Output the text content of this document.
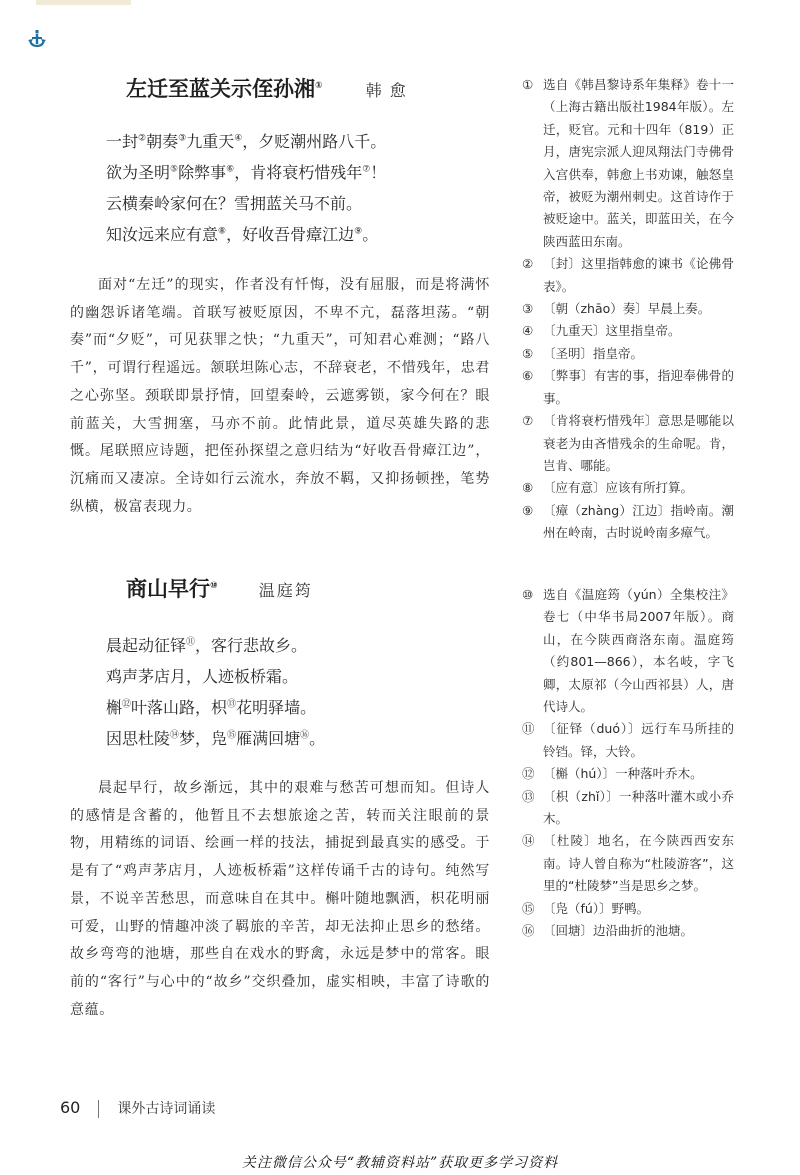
左迁至蓝关示侄孙湘①	韩愈
一封②朝奏③九重天④，夕贬潮州路八千。
欲为圣明⑤除弊事⑥，肯将衰朽惜残年⑦！
云横秦岭家何在？雪拥蓝关马不前。
知汝远来应有意⑧，好收吾骨瘴江边⑨。
面对“左迁”的现实，作者没有忏悔，没有屈服，而是将满怀的幽怨诉诸笔端。首联写被贬原因，不卑不亢，磊落坦荡。“朝奏”而“夕贬”，可见获罪之快；“九重天”，可知君心难测；“路八千”，可谓行程遥远。颔联坦陈心志，不辞衰老，不惜残年，忠君之心弥坚。颈联即景抒情，回望秦岭，云遮雾锁，家今何在？眼前蓝关，大雪拥塞，马亦不前。此情此景，道尽英雄失路的悲慨。尾联照应诗题，把侄孙探望之意归结为“好收吾骨瘴江边”，沉痛而又凄凉。全诗如行云流水，奔放不羁，又抑扬顿挫，笔势纵横，极富表现力。
商山早行⑩	温庭筠
晨起动征铎⑪，客行悲故乡。
鸡声茅店月，人迹板桥霜。
槲⑫叶落山路，枳⑬花明驿墙。
因思杜陵⑭梦，凫⑮雁满回塘⑯。
晨起早行，故乡渐远，其中的艰难与愁苦可想而知。但诗人的感情是含蓄的，他暂且不去想旅途之苦，转而关注眼前的景物，用精练的词语、绘画一样的技法，捕捉到最真实的感受。于是有了“鸡声茅店月，人迹板桥霜”这样传诵千古的诗句。纯然写景，不说辛苦愁思，而意味自在其中。槲叶随地飘洒，枳花明丽可爱，山野的情趣冲淡了羁旅的辛苦，却无法抑止思乡的愁绪。故乡弯弯的池塘，那些自在戏水的野禽，永远是梦中的常客。眼前的“客行”与心中的“故乡”交织叠加，虚实相映，丰富了诗歌的意蕴。
① 选自《韩昌黎诗系年集释》卷十一（上海古籍出版社1984年版）。左迁，贬官。元和十四年（819）正月，唐宪宗派人迎凤翔法门寺佛骨入宫供奉，韩愈上书劝谏，触怒皇帝，被贬为潮州刺史。这首诗作于被贬途中。蓝关，即蓝田关，在今陕西蓝田东南。
② 〔封〕这里指韩愈的谏书《论佛骨表》。
③ 〔朝（zhāo）奏〕早晨上奏。
④ 〔九重天〕这里指皇帝。
⑤ 〔圣明〕指皇帝。
⑥ 〔弊事〕有害的事，指迎奉佛骨的事。
⑦ 〔肯将衰朽惜残年〕意思是哪能以衰老为由吝惜残余的生命呢。肯，岂肯、哪能。
⑧ 〔应有意〕应该有所打算。
⑨ 〔瘴（zhàng）江边〕指岭南。潮州在岭南，古时说岭南多瘴气。
⑩ 选自《温庭筠（yún）全集校注》卷七（中华书局2007年版）。商山，在今陕西商洛东南。温庭筠（约801—866），本名岐，字飞卿，太原祁（今山西祁县）人，唐代诗人。
⑪ 〔征铎（duó）〕远行车马所挂的铃铛。铎，大铃。
⑫ 〔槲（hú）〕一种落叶乔木。
⑬ 〔枳（zhǐ）〕一种落叶灌木或小乔木。
⑭ 〔杜陵〕地名，在今陕西西安东南。诗人曾自称为“杜陵游客”，这里的“杜陵梦”当是思乡之梦。
⑮ 〔凫（fú）〕野鸭。
⑯ 〔回塘〕边沿曲折的池塘。
60	课外古诗词诵读
关注微信公众号“教辅资料站”获取更多学习资料
